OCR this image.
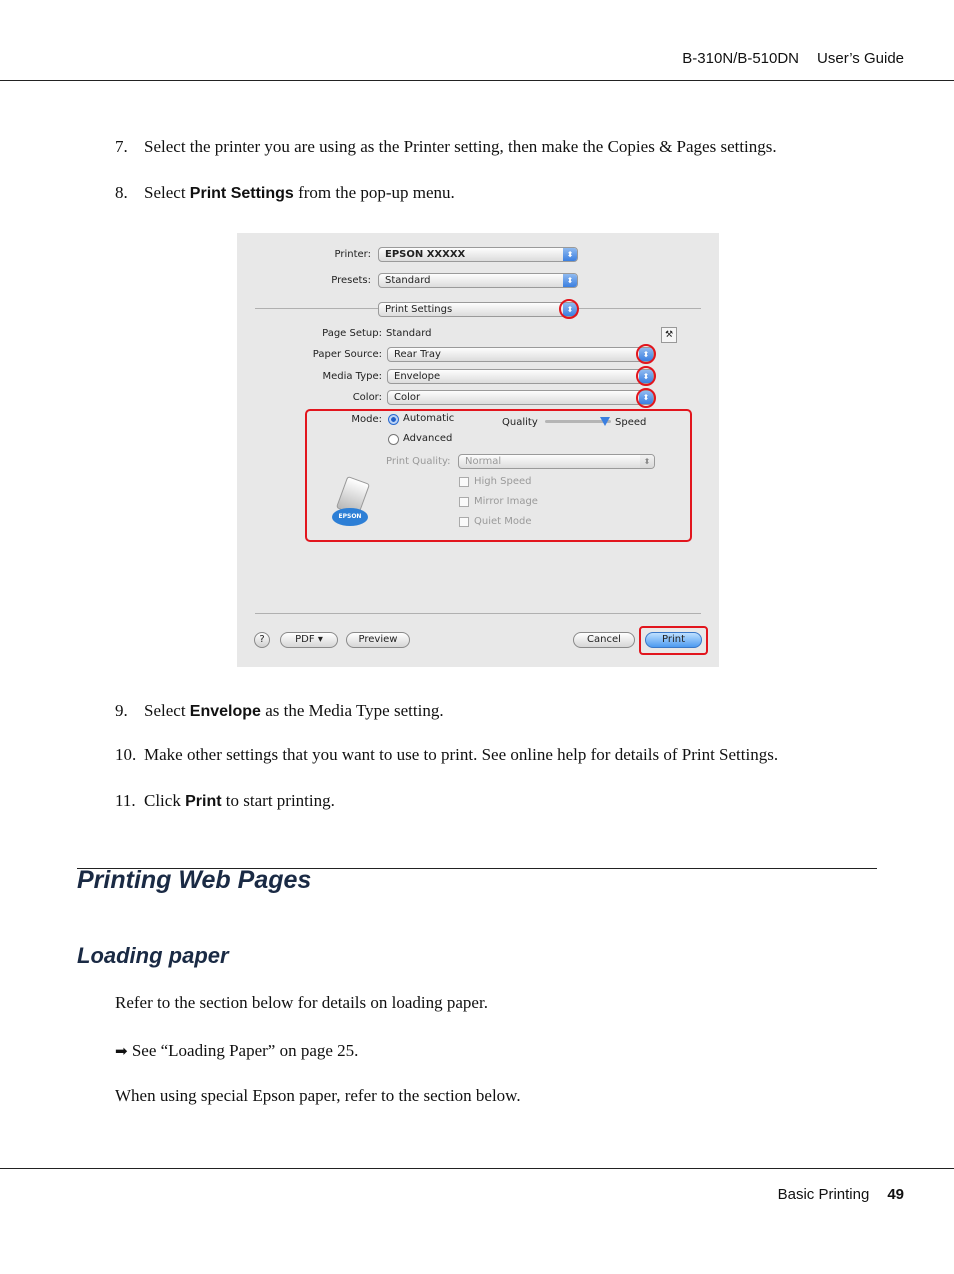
B-310N/B-510DN User’s Guide
7. Select the printer you are using as the Printer setting, then make the Copies & Pages settings.
8. Select Print Settings from the pop-up menu.
Printer:	EPSON XXXXX	⬍
Presets:	Standard	⬍
Print Settings	⬍
Page Setup: Standard	⚒
Paper Source:	Rear Tray	⬍
Media Type:	Envelope	⬍
Color:	Color	⬍
Mode: Automatic
Advanced
Quality	Speed
Print Quality:	Normal	⬍
High Speed
Mirror Image
Quiet Mode
EPSON
?	PDF ▾	Preview	Cancel	Print
9. Select Envelope as the Media Type setting.
10. Make other settings that you want to use to print. See online help for details of Print Settings.
11. Click Print to start printing.
Printing Web Pages
Loading paper
Refer to the section below for details on loading paper.
➡ See “Loading Paper” on page 25.
When using special Epson paper, refer to the section below.
Basic Printing 49
